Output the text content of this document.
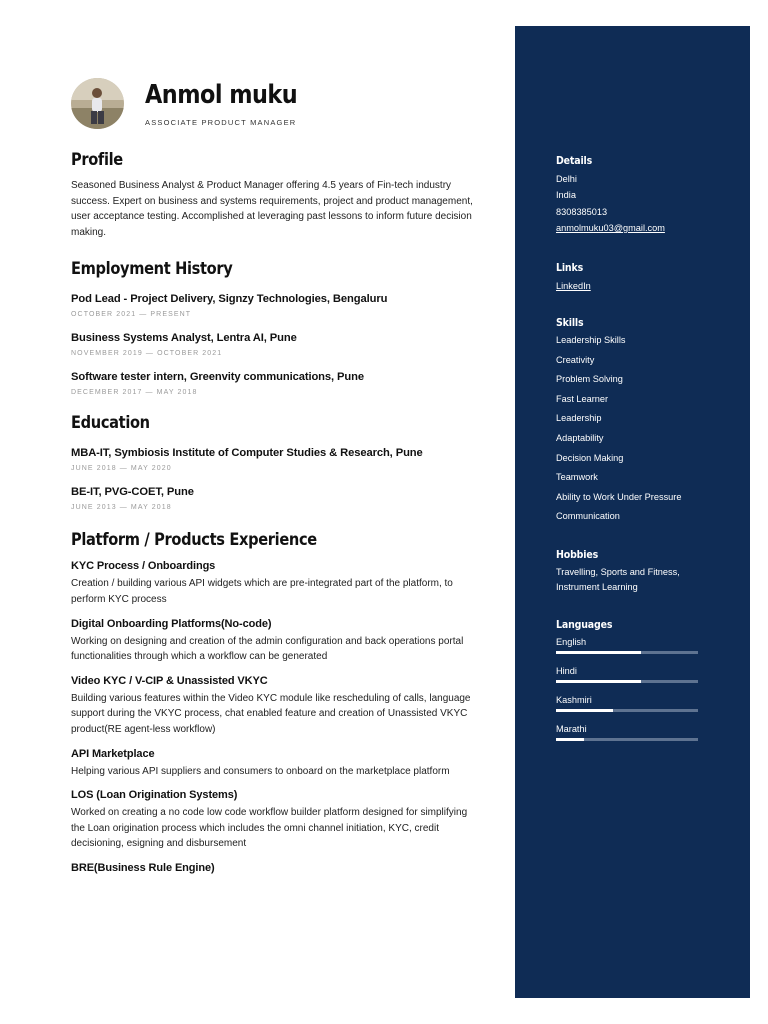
Anmol muku
ASSOCIATE PRODUCT MANAGER
Profile
Seasoned Business Analyst & Product Manager offering 4.5 years of Fin-tech industry success. Expert on business and systems requirements, project and product management, user acceptance testing. Accomplished at leveraging past lessons to inform future decision making.
Employment History
Pod Lead - Project Delivery, Signzy Technologies, Bengaluru
OCTOBER 2021 — PRESENT
Business Systems Analyst, Lentra AI, Pune
NOVEMBER 2019 — OCTOBER 2021
Software tester intern, Greenvity communications, Pune
DECEMBER 2017 — MAY 2018
Education
MBA-IT, Symbiosis Institute of Computer Studies & Research, Pune
JUNE 2018 — MAY 2020
BE-IT, PVG-COET, Pune
JUNE 2013 — MAY 2018
Platform / Products Experience
KYC Process / Onboardings
Creation / building various API widgets which are pre-integrated part of the platform, to perform KYC process
Digital Onboarding Platforms(No-code)
Working on designing and creation of the admin configuration and back operations portal functionalities through which a workflow can be generated
Video KYC / V-CIP & Unassisted VKYC
Building various features within the Video KYC module like rescheduling of calls, language support during the VKYC process, chat enabled feature and creation of Unassisted VKYC product(RE agent-less workflow)
API Marketplace
Helping various API suppliers and consumers to onboard on the marketplace platform
LOS (Loan Origination Systems)
Worked on creating a no code low code workflow builder platform designed for simplifying the Loan origination process which includes the omni channel initiation, KYC, credit decisioning, esigning and disbursement
BRE(Business Rule Engine)
Details
Delhi
India
8308385013
anmolmuku03@gmail.com
Links
LinkedIn
Skills
Leadership Skills
Creativity
Problem Solving
Fast Learner
Leadership
Adaptability
Decision Making
Teamwork
Ability to Work Under Pressure
Communication
Hobbies
Travelling, Sports and Fitness, Instrument Learning
Languages
English
Hindi
Kashmiri
Marathi
